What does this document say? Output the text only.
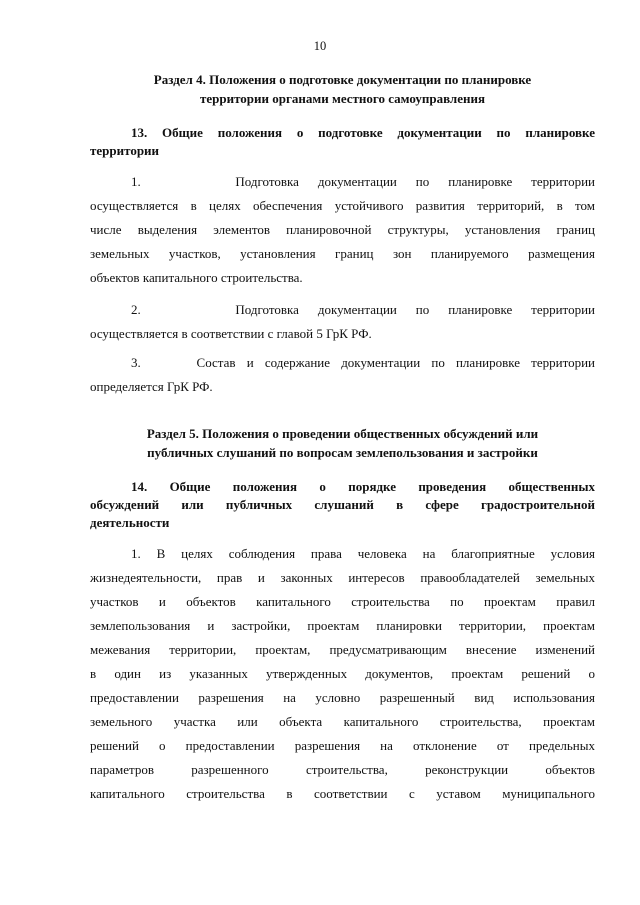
10
Раздел 4. Положения о подготовке документации по планировке
территории органами местного самоуправления
13. Общие положения о подготовке документации по планировке
территории
1.     Подготовка документации по планировке территории
осуществляется в целях обеспечения устойчивого развития территорий, в том
числе выделения элементов планировочной структуры, установления границ
земельных участков, установления границ зон планируемого размещения
объектов капитального строительства.
2.     Подготовка документации по планировке территории
осуществляется в соответствии с главой 5 ГрК РФ.
3.     Состав и содержание документации по планировке территории
определяется ГрК РФ.
Раздел 5. Положения о проведении общественных обсуждений или
публичных слушаний по вопросам землепользования и застройки
14. Общие положения о порядке проведения общественных
обсуждений или публичных слушаний в сфере градостроительной
деятельности
1. В целях соблюдения права человека на благоприятные условия
жизнедеятельности, прав и законных интересов правообладателей земельных
участков и объектов капитального строительства по проектам правил
землепользования и застройки, проектам планировки территории, проектам
межевания территории, проектам, предусматривающим внесение изменений
в один из указанных утвержденных документов, проектам решений о
предоставлении разрешения на условно разрешенный вид использования
земельного участка или объекта капитального строительства, проектам
решений о предоставлении разрешения на отклонение от предельных
параметров разрешенного строительства, реконструкции объектов
капитального строительства в соответствии с уставом муниципального
